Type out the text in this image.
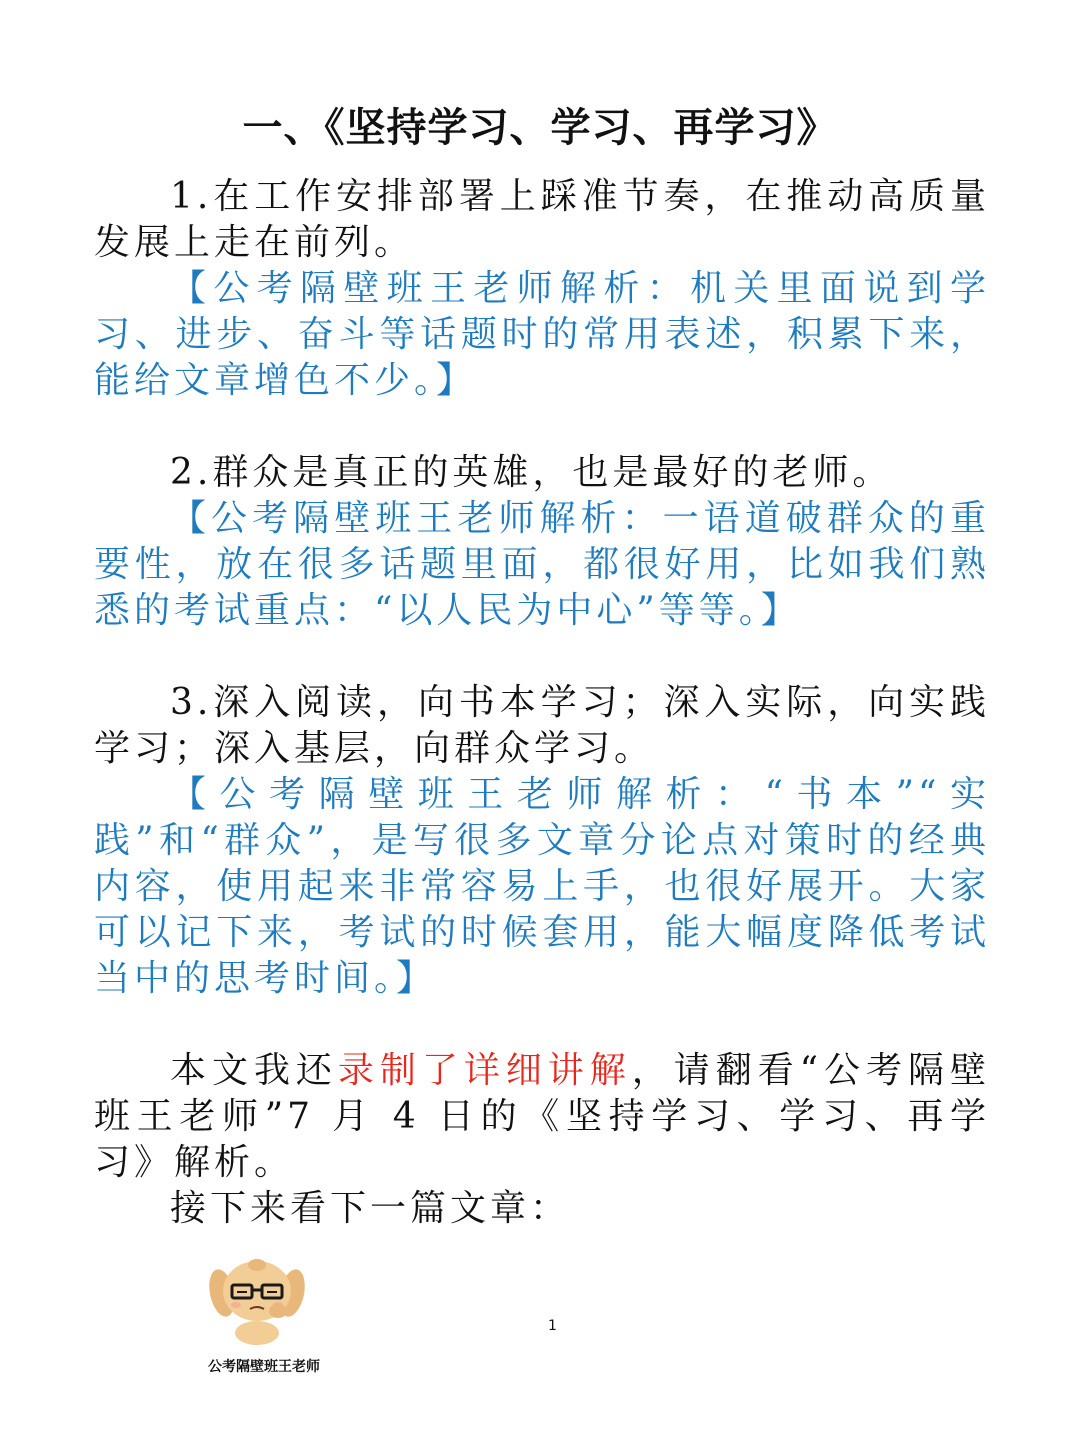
一、《坚持学习、学习、再学习》

1.在工作安排部署上踩准节奏，在推动高质量发展上走在前列。

【公考隔壁班王老师解析：机关里面说到学习、进步、奋斗等话题时的常用表述，积累下来，能给文章增色不少。】

2.群众是真正的英雄，也是最好的老师。

【公考隔壁班王老师解析：一语道破群众的重要性，放在很多话题里面，都很好用，比如我们熟悉的考试重点：“以人民为中心”等等。】

3.深入阅读，向书本学习；深入实际，向实践学习；深入基层，向群众学习。

【公考隔壁班王老师解析：“书本”“实践”和“群众”，是写很多文章分论点对策时的经典内容，使用起来非常容易上手，也很好展开。大家可以记下来，考试的时候套用，能大幅度降低考试当中的思考时间。】

本文我还录制了详细讲解，请翻看“公考隔壁班王老师”7 月 4 日的《坚持学习、学习、再学习》解析。

接下来看下一篇文章：

公考隔壁班王老师

1
